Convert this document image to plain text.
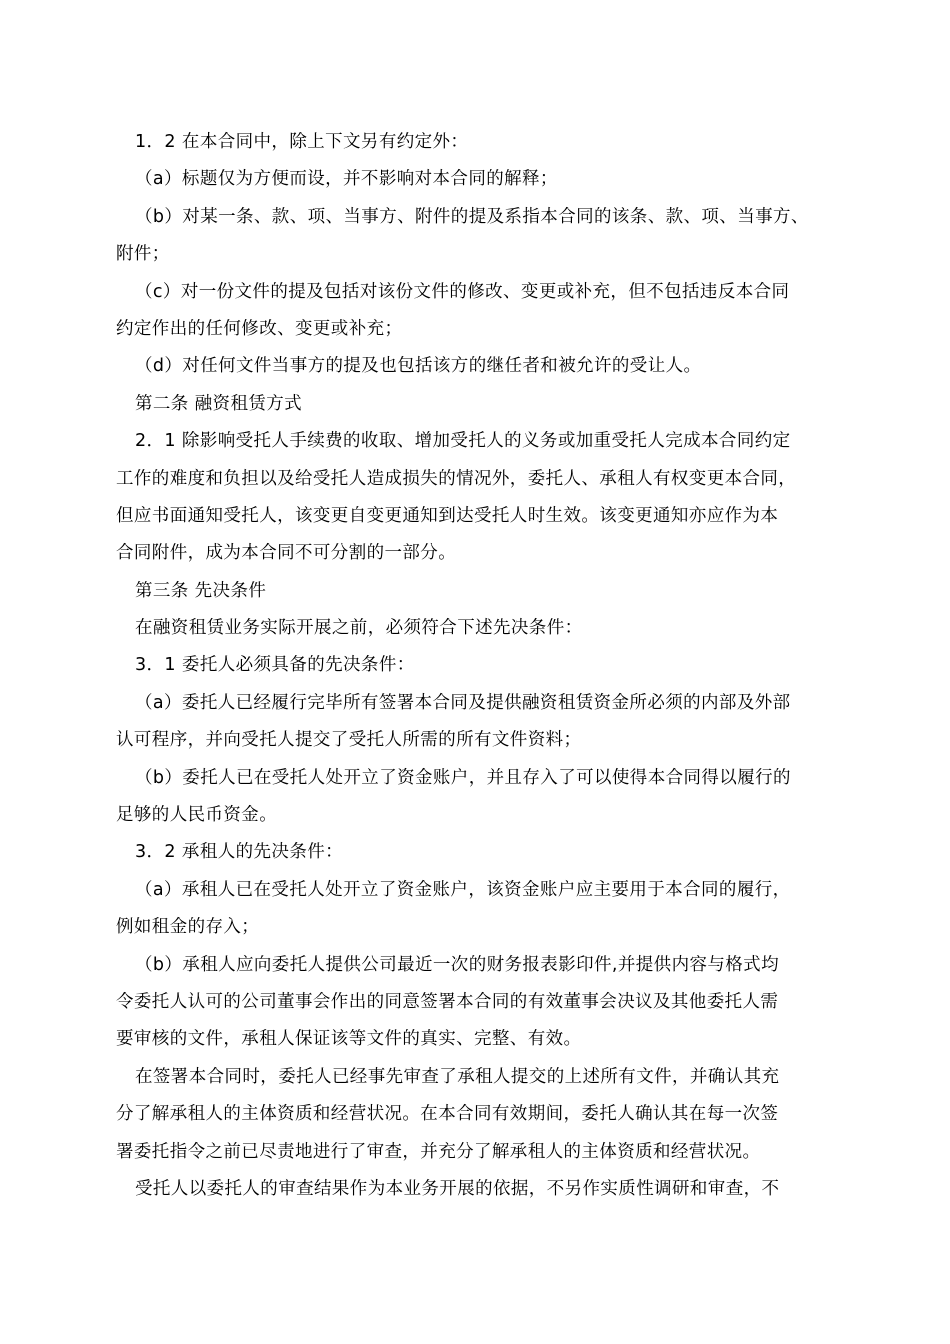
1．2 在本合同中，除上下文另有约定外：
（a）标题仅为方便而设，并不影响对本合同的解释；
（b）对某一条、款、项、当事方、附件的提及系指本合同的该条、款、项、当事方、
附件；
（c）对一份文件的提及包括对该份文件的修改、变更或补充，但不包括违反本合同
约定作出的任何修改、变更或补充；
（d）对任何文件当事方的提及也包括该方的继任者和被允许的受让人。
第二条 融资租赁方式
2．1 除影响受托人手续费的收取、增加受托人的义务或加重受托人完成本合同约定
工作的难度和负担以及给受托人造成损失的情况外，委托人、承租人有权变更本合同，
但应书面通知受托人，该变更自变更通知到达受托人时生效。该变更通知亦应作为本
合同附件，成为本合同不可分割的一部分。
第三条 先决条件
在融资租赁业务实际开展之前，必须符合下述先决条件：
3．1 委托人必须具备的先决条件：
（a）委托人已经履行完毕所有签署本合同及提供融资租赁资金所必须的内部及外部
认可程序，并向受托人提交了受托人所需的所有文件资料；
（b）委托人已在受托人处开立了资金账户，并且存入了可以使得本合同得以履行的
足够的人民币资金。
3．2 承租人的先决条件：
（a）承租人已在受托人处开立了资金账户，该资金账户应主要用于本合同的履行，
例如租金的存入；
（b）承租人应向委托人提供公司最近一次的财务报表影印件,并提供内容与格式均
令委托人认可的公司董事会作出的同意签署本合同的有效董事会决议及其他委托人需
要审核的文件，承租人保证该等文件的真实、完整、有效。
在签署本合同时，委托人已经事先审查了承租人提交的上述所有文件，并确认其充
分了解承租人的主体资质和经营状况。在本合同有效期间，委托人确认其在每一次签
署委托指令之前已尽责地进行了审查，并充分了解承租人的主体资质和经营状况。
受托人以委托人的审查结果作为本业务开展的依据，不另作实质性调研和审查，不
